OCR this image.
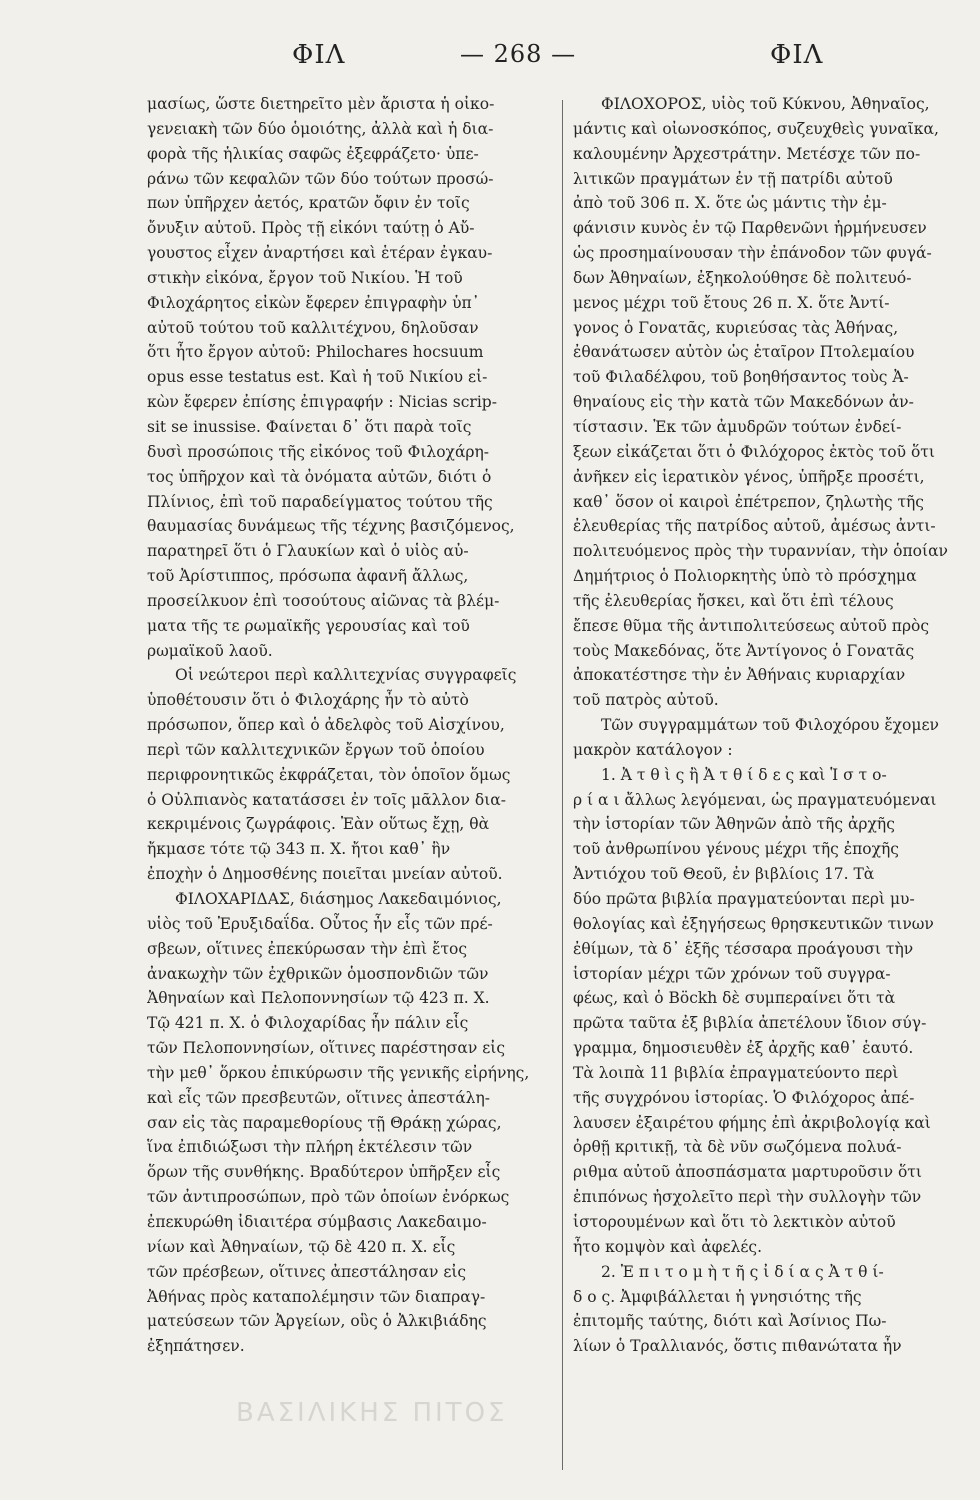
ΦΙΛ	— 268 —	ΦΙΛ
μασίως, ὥστε διετηρεῖτο μὲν ἄριστα ἡ οἰκο-
γενειακὴ τῶν δύο ὁμοιότης, ἀλλὰ καὶ ἡ δια-
φορὰ τῆς ἡλικίας σαφῶς ἐξεφράζετο· ὑπε-
ράνω τῶν κεφαλῶν τῶν δύο τούτων προσώ-
πων ὑπῆρχεν ἀετός, κρατῶν ὄφιν ἐν τοῖς
ὄνυξιν αὐτοῦ. Πρὸς τῇ εἰκόνι ταύτῃ ὁ Αὔ-
γουστος εἶχεν ἀναρτήσει καὶ ἑτέραν ἐγκαυ-
στικὴν εἰκόνα, ἔργον τοῦ Νικίου. Ἡ τοῦ
Φιλοχάρητος εἰκὼν ἔφερεν ἐπιγραφὴν ὑπ᾽
αὐτοῦ τούτου τοῦ καλλιτέχνου, δηλοῦσαν
ὅτι ἦτο ἔργον αὐτοῦ: Philochares hocsuum
opus esse testatus est. Καὶ ἡ τοῦ Νικίου εἰ-
κὼν ἔφερεν ἐπίσης ἐπιγραφήν : Nicias scrip-
sit se inussise. Φαίνεται δ᾽ ὅτι παρὰ τοῖς
δυσὶ προσώποις τῆς εἰκόνος τοῦ Φιλοχάρη-
τος ὑπῆρχον καὶ τὰ ὀνόματα αὐτῶν, διότι ὁ
Πλίνιος, ἐπὶ τοῦ παραδείγματος τούτου τῆς
θαυμασίας δυνάμεως τῆς τέχνης βασιζόμενος,
παρατηρεῖ ὅτι ὁ Γλαυκίων καὶ ὁ υἱὸς αὐ-
τοῦ Ἀρίστιππος, πρόσωπα ἀφανῆ ἄλλως,
προσείλκυον ἐπὶ τοσούτους αἰῶνας τὰ βλέμ-
ματα τῆς τε ρωμαϊκῆς γερουσίας καὶ τοῦ
ρωμαϊκοῦ λαοῦ.
Οἱ νεώτεροι περὶ καλλιτεχνίας συγγραφεῖς
ὑποθέτουσιν ὅτι ὁ Φιλοχάρης ἦν τὸ αὐτὸ
πρόσωπον, ὅπερ καὶ ὁ ἀδελφὸς τοῦ Αἰσχίνου,
περὶ τῶν καλλιτεχνικῶν ἔργων τοῦ ὁποίου
περιφρονητικῶς ἐκφράζεται, τὸν ὁποῖον ὅμως
ὁ Οὐλπιανὸς κατατάσσει ἐν τοῖς μᾶλλον δια-
κεκριμένοις ζωγράφοις. Ἐὰν οὕτως ἔχῃ, θὰ
ἤκμασε τότε τῷ 343 π. Χ. ἤτοι καθ᾽ ἣν
ἐποχὴν ὁ Δημοσθένης ποιεῖται μνείαν αὐτοῦ.
ΦΙΛΟΧΑΡΙΔΑΣ, διάσημος Λακεδαιμόνιος,
υἱὸς τοῦ Ἐρυξιδαΐδα. Οὗτος ἦν εἷς τῶν πρέ-
σβεων, οἵτινες ἐπεκύρωσαν τὴν ἐπὶ ἔτος
ἀνακωχὴν τῶν ἐχθρικῶν ὁμοσπονδιῶν τῶν
Ἀθηναίων καὶ Πελοποννησίων τῷ 423 π. Χ.
Τῷ 421 π. Χ. ὁ Φιλοχαρίδας ἦν πάλιν εἷς
τῶν Πελοποννησίων, οἵτινες παρέστησαν εἰς
τὴν μεθ᾽ ὅρκου ἐπικύρωσιν τῆς γενικῆς εἰρήνης,
καὶ εἷς τῶν πρεσβευτῶν, οἵτινες ἀπεστάλη-
σαν εἰς τὰς παραμεθορίους τῇ Θράκῃ χώρας,
ἵνα ἐπιδιώξωσι τὴν πλήρη ἐκτέλεσιν τῶν
ὅρων τῆς συνθήκης. Βραδύτερον ὑπῆρξεν εἷς
τῶν ἀντιπροσώπων, πρὸ τῶν ὁποίων ἐνόρκως
ἐπεκυρώθη ἰδιαιτέρα σύμβασις Λακεδαιμο-
νίων καὶ Ἀθηναίων, τῷ δὲ 420 π. Χ. εἷς
τῶν πρέσβεων, οἵτινες ἀπεστάλησαν εἰς
Ἀθήνας πρὸς καταπολέμησιν τῶν διαπραγ-
ματεύσεων τῶν Ἀργείων, οὓς ὁ Ἀλκιβιάδης
ἐξηπάτησεν.
ΦΙΛΟΧΟΡΟΣ, υἱὸς τοῦ Κύκνου, Ἀθηναῖος,
μάντις καὶ οἰωνοσκόπος, συζευχθεὶς γυναῖκα,
καλουμένην Ἀρχεστράτην. Μετέσχε τῶν πο-
λιτικῶν πραγμάτων ἐν τῇ πατρίδι αὐτοῦ
ἀπὸ τοῦ 306 π. Χ. ὅτε ὡς μάντις τὴν ἐμ-
φάνισιν κυνὸς ἐν τῷ Παρθενῶνι ἡρμήνευσεν
ὡς προσημαίνουσαν τὴν ἐπάνοδον τῶν φυγά-
δων Ἀθηναίων, ἐξηκολούθησε δὲ πολιτευό-
μενος μέχρι τοῦ ἔτους 26 π. Χ. ὅτε Ἀντί-
γονος ὁ Γονατᾶς, κυριεύσας τὰς Ἀθήνας,
ἐθανάτωσεν αὐτὸν ὡς ἑταῖρον Πτολεμαίου
τοῦ Φιλαδέλφου, τοῦ βοηθήσαντος τοὺς Ἀ-
θηναίους εἰς τὴν κατὰ τῶν Μακεδόνων ἀν-
τίστασιν. Ἐκ τῶν ἀμυδρῶν τούτων ἐνδεί-
ξεων εἰκάζεται ὅτι ὁ Φιλόχορος ἐκτὸς τοῦ ὅτι
ἀνῆκεν εἰς ἱερατικὸν γένος, ὑπῆρξε προσέτι,
καθ᾽ ὅσον οἱ καιροὶ ἐπέτρεπον, ζηλωτὴς τῆς
ἐλευθερίας τῆς πατρίδος αὐτοῦ, ἀμέσως ἀντι-
πολιτευόμενος πρὸς τὴν τυραννίαν, τὴν ὁποίαν
Δημήτριος ὁ Πολιορκητὴς ὑπὸ τὸ πρόσχημα
τῆς ἐλευθερίας ἤσκει, καὶ ὅτι ἐπὶ τέλους
ἔπεσε θῦμα τῆς ἀντιπολιτεύσεως αὐτοῦ πρὸς
τοὺς Μακεδόνας, ὅτε Ἀντίγονος ὁ Γονατᾶς
ἀποκατέστησε τὴν ἐν Ἀθήναις κυριαρχίαν
τοῦ πατρὸς αὐτοῦ.
Τῶν συγγραμμάτων τοῦ Φιλοχόρου ἔχομεν
μακρὸν κατάλογον :
1. Ἀ τ θ ὶ ς ἢ Ἀ τ θ ί δ ε ς καὶ Ἱ σ τ ο-
ρ ί α ι ἄλλως λεγόμεναι, ὡς πραγματευόμεναι
τὴν ἱστορίαν τῶν Ἀθηνῶν ἀπὸ τῆς ἀρχῆς
τοῦ ἀνθρωπίνου γένους μέχρι τῆς ἐποχῆς
Ἀντιόχου τοῦ Θεοῦ, ἐν βιβλίοις 17. Τὰ
δύο πρῶτα βιβλία πραγματεύονται περὶ μυ-
θολογίας καὶ ἐξηγήσεως θρησκευτικῶν τινων
ἐθίμων, τὰ δ᾽ ἑξῆς τέσσαρα προάγουσι τὴν
ἱστορίαν μέχρι τῶν χρόνων τοῦ συγγρα-
φέως, καὶ ὁ Böckh δὲ συμπεραίνει ὅτι τὰ
πρῶτα ταῦτα ἐξ βιβλία ἀπετέλουν ἴδιον σύγ-
γραμμα, δημοσιευθὲν ἐξ ἀρχῆς καθ᾽ ἑαυτό.
Τὰ λοιπὰ 11 βιβλία ἐπραγματεύοντο περὶ
τῆς συγχρόνου ἱστορίας. Ὁ Φιλόχορος ἀπέ-
λαυσεν ἐξαιρέτου φήμης ἐπὶ ἀκριβολογίᾳ καὶ
ὀρθῇ κριτικῇ, τὰ δὲ νῦν σωζόμενα πολυά-
ριθμα αὐτοῦ ἀποσπάσματα μαρτυροῦσιν ὅτι
ἐπιπόνως ἠσχολεῖτο περὶ τὴν συλλογὴν τῶν
ἱστορουμένων καὶ ὅτι τὸ λεκτικὸν αὐτοῦ
ἦτο κομψὸν καὶ ἀφελές.
2. Ἐ π ι τ ο μ ὴ τ ῆ ς ἰ δ ί α ς Ἀ τ θ ί-
δ ο ς. Ἀμφιβάλλεται ἡ γνησιότης τῆς
ἐπιτομῆς ταύτης, διότι καὶ Ἀσίνιος Πω-
λίων ὁ Τραλλιανός, ὅστις πιθανώτατα ἦν
ΒΑΣΙΛΙΚΗΣ ΠΙΤΟΣ
